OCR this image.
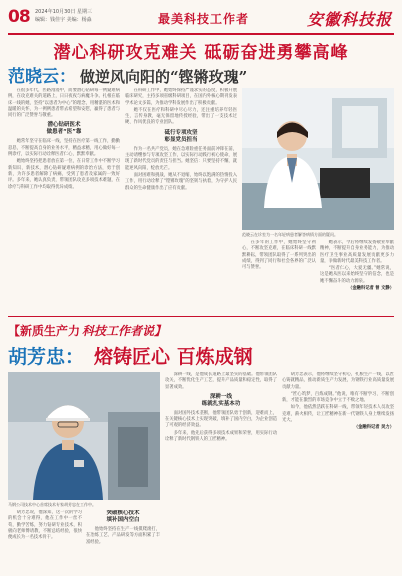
08 2024年10月30日 星期三
编辑：钱佳宇 美编：杨淼	最美科技工作者	安徽科技报
潜心科研攻克难关 砥砺奋进勇攀高峰
范晓云： 做逆风向阳的“铿锵玫瑰”

在很多年代，医路漫漫中，而要潜心钻研每一例疑难病例，在攻克难关的道路上，日日夜夜与病魔斗争。扎根在临床一线的她，坚持“以患者为中心”的理念，用精湛的医术和温暖的关怀，为一例例患者带去希望和安慰，赢得了患者与同行的广泛赞誉与敬重。

潜心钻研医术
做患者“医”靠

她常年坚守在临床一线，坚持在医疗第一线工作，勤勤恳恳，不断提高自身的业务水平，精益求精，用心做好每一例诊疗，以实际行动诠释医者仁心，默默奉献。

她始终坚持把患者放在第一位，在日常工作中不断学习新知识、新技术，潜心钻研疑难病例的诊治方法，勇于创新，为许多患者解除了病痛，受到了患者及家属的一致好评。多年来，她认真负责，带领团队攻克多项技术难题，在诊疗与科研工作中均取得优异成绩。

在科研工作中，她始终保持严谨求实的态度，积极开展临床研究，主持多项省级科研项目，在国内外核心期刊发表学术论文多篇，为推动学科发展作出了积极贡献。

她不仅在医疗和科研中尽心尽力，还注重培养年轻医生，言传身教，毫无保留地传授经验，带出了一支技术过硬、作风优良的专业团队。

砥行专项攻坚
彰显党员担当

作为一名共产党员，她在急难险重任务面前冲锋在前，主动请缨参与专项攻坚工作，以实际行动践行初心使命，展现了新时代党员的责任与担当。她坚信：只要坚持不懈，就能逆风向阳，绽放光芒。

面对困难和挑战，她从不退缩，始终以饱满的热情投入工作，用行动诠释了“铿锵玫瑰”的坚韧与执着，为守护人民群众的生命健康作出了应有贡献。

范晓云在诊室为一名年轻病患者解答病情方面的疑问。

在多年的工作中，她始终坚守初心，不断攻坚克难，在临床科研一线默默耕耘，带领团队取得了一系列突出的成绩，得到了同行和社会各界的广泛认可与赞誉。

她表示，今后将继续发扬敬业奉献精神，不断提升自身业务能力，为推动医疗卫生事业高质量发展贡献更多力量，争做新时代最美科技工作者。

“医者仁心，大爱无疆。”她常说，这是她从医以来始终坚守的信念，也是她不懈奋斗的动力源泉。

（金融科记者 曾 文静）
【新质生产力 科技工作者说】
胡芳忠： 熔铸匠心 百炼成钢
马钢公司技术中心首席技术专家胡芳忠在工作中。

胡芳忠说，他深知，这一次的学习的机会十分难得，他在工作中一丝不苟，勤学苦练，努力钻研专业技术，积极向老师傅请教，不断总结经验，很快便成长为一名技术骨干。

突破核心技术
填补国内空白

他始终坚持在生产一线摸爬滚打，在冶炼工艺、产品研发等方面积累了丰富经验。

深耕一线，是他成长道路上最坚实的基础。他带领团队攻关，不断优化生产工艺，提升产品质量和稳定性，取得了显著成效。

深耕一线
练就扎实基本功

面对国外技术垄断，他带领团队勇于创新，迎难而上，在关键核心技术上实现突破，填补了国内空白，为企业创造了可观的经济效益。

多年来，他先后获得多项技术成果和荣誉，用实际行动诠释了新时代钢铁人的工匠精神。

胡芳忠表示，他将继续坚守初心，扎根生产一线，以匠心铸就精品，推动新质生产力发展，为钢铁行业高质量发展贡献力量。

“匠心筑梦，百炼成钢。”他说，唯有不断学习、不断创新，才能在激烈的市场竞争中立于不败之地。

如今，他依然活跃在科研一线，带领年轻技术人员攻坚克难，薪火相传，让工匠精神在新一代钢铁人身上继续发扬光大。

（金融科记者 吴力）
